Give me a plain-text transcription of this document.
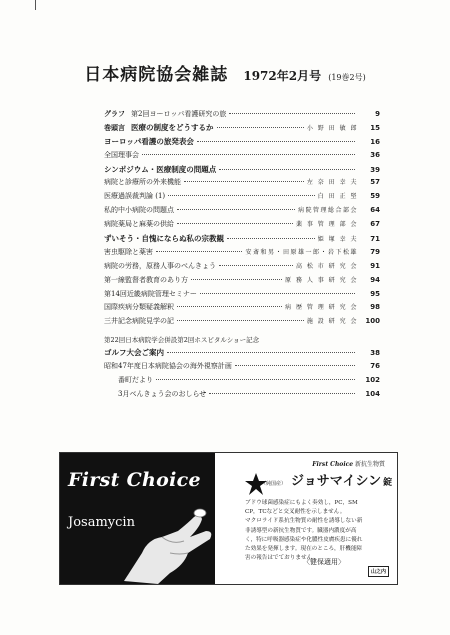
日本病院協会雑誌 1972年2月号 (19巻2号)
グラフ 第2回ヨーロッパ看護研究の旅	9
巻頭言 医療の制度をどうするか	小 野 田 敏 郎	15
ヨーロッパ看護の旅発表会	16
全国理事会	36
シンポジウム・医療制度の問題点	39
病院と診療所の外来機能	左 奈 田 幸 夫	57
医療過誤裁判論 (1)	白 田 正 堅	59
私的中小病院の問題点	病院管理総合部会	64
病院薬局と麻薬の供給	薬 事 管 理 部 会	67
ずいそう・自愧にならぬ私の宗教観	姫 塚 幸 夫	71
害虫駆除と薬害	安斎和男・田原雄一郎・岩下松雄	79
病院の労務，原務人事のべんきょう	高 松 市 研 究 会	91
第一線監督者教育のあり方	原 務 人 事 研 究 会	94
第14回近畿病院管理セミナー	95
国際疾病分類疑義解釈	病 歴 管 理 研 究 会	98
三井記念病院見学の記	施 設 研 究 会	100
第22回日本病院学会併設第2回ホスピタルショー記念
ゴルフ大会ご案内	38
昭和47年度日本病院協会の海外視察計画	76
番町だより	102
3月べんきょう会のおしらせ	104
First Choice
Josamycin
First Choice 新抗生物質
（純国産） ジョサマイシン 錠
ブドウ球菌感染症にもよく奏効し，PC，SM
CP，TCなどと交叉耐性を示しません。
マクロライド系抗生物質の耐性を誘導しない新
非誘導型の新抗生物質です。臓器内濃度が高
く，特に呼吸器感染症や化膿性皮膚疾患に優れ
た効果を発揮します。現在のところ，肝機能障
害の報告はでておりません。
〈健保適用〉
山之内
